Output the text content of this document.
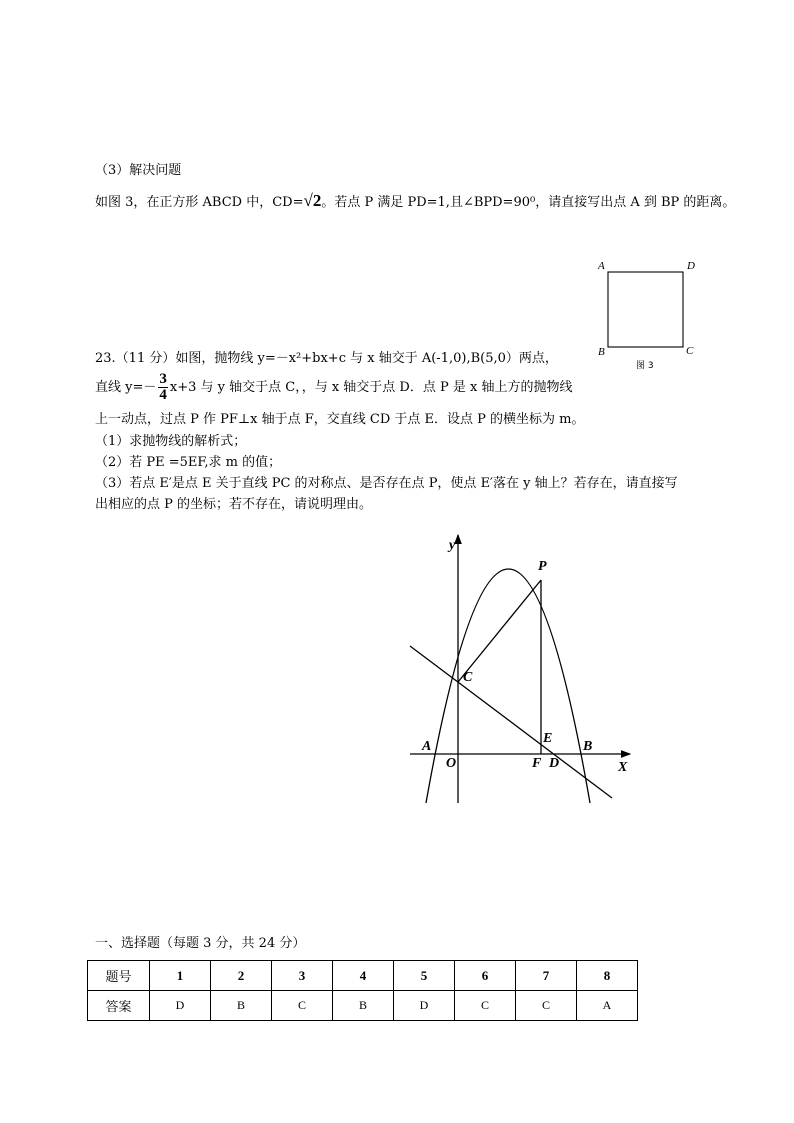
（3）解决问题
如图 3，在正方形 ABCD 中，CD=√2。若点 P 满足 PD=1,且∠BPD=90⁰，请直接写出点 A 到 BP 的距离。
A	D
B	C
图 3
23.（11 分）如图，抛物线 y=－x²+bx+c 与 x 轴交于 A(-1,0),B(5,0）两点，
直线 $y=- \frac{3}{4} x+3$ 与 y 轴交于点 C，，与 x 轴交于点 D．点 P 是 x 轴上方的抛物线
上一动点，过点 P 作 PF⊥x 轴于点 F，交直线 CD 于点 E．设点 P 的横坐标为 m。
（1）求抛物线的解析式；
（2）若 PE =5EF,求 m 的值；
（3）若点 E′是点 E 关于直线 PC 的对称点、是否存在点 P，使点 E′落在 y 轴上？若存在，请直接写
出相应的点 P 的坐标；若不存在，请说明理由。
y
P
C
E
A	B
O	F D	X
一、选择题（每题 3 分，共 24 分）
题号	1	2	3	4	5	6	7	8
答案	D	B	C	B	D	C	C	A
